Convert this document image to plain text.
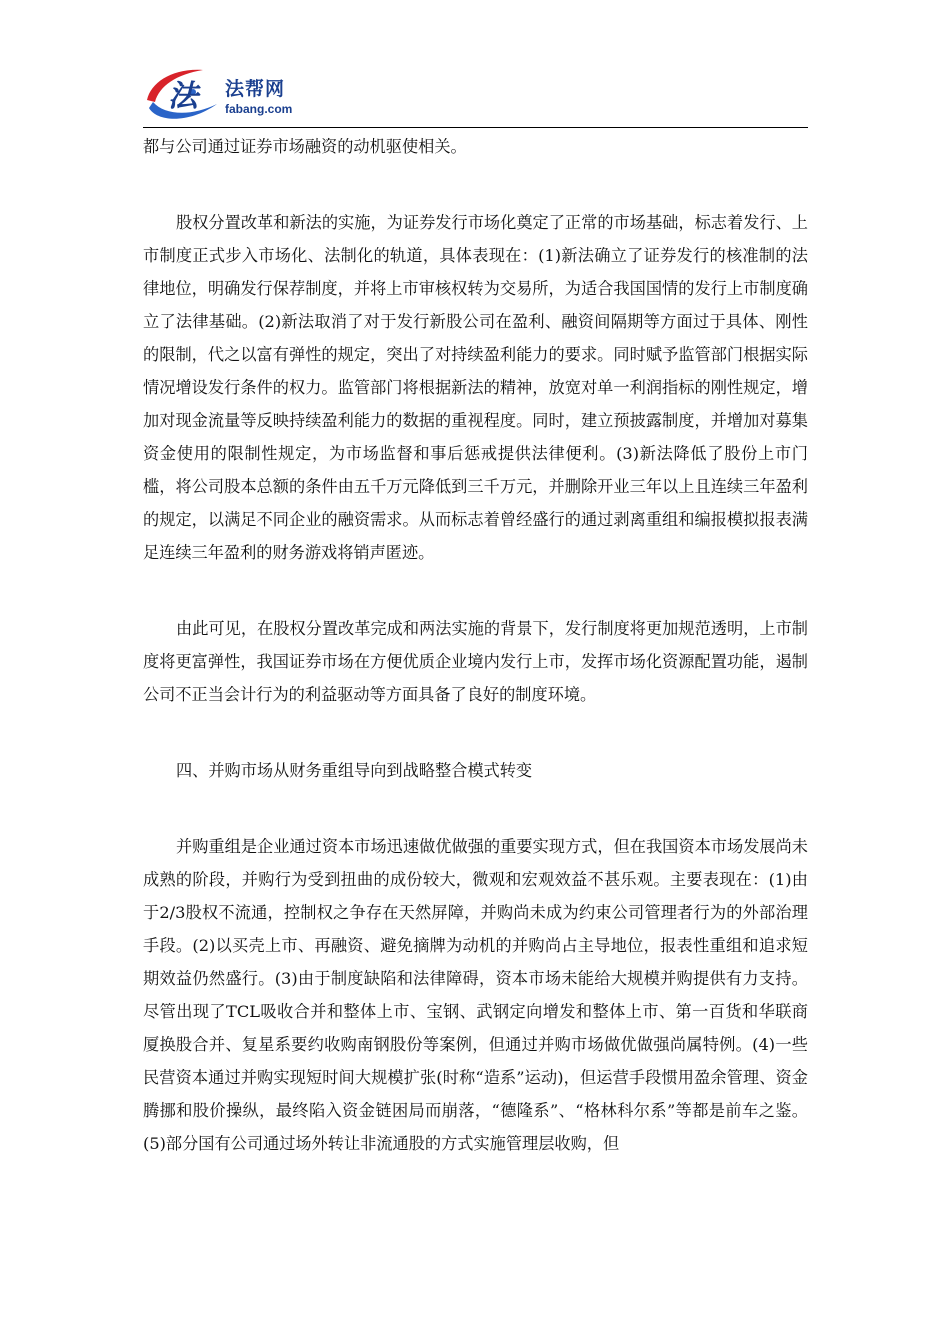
法 法帮网
fabang.com

都与公司通过证券市场融资的动机驱使相关。

股权分置改革和新法的实施，为证券发行市场化奠定了正常的市场基础，标志着发行、上市制度正式步入市场化、法制化的轨道，具体表现在：(1)新法确立了证券发行的核准制的法律地位，明确发行保荐制度，并将上市审核权转为交易所，为适合我国国情的发行上市制度确立了法律基础。(2)新法取消了对于发行新股公司在盈利、融资间隔期等方面过于具体、刚性的限制，代之以富有弹性的规定，突出了对持续盈利能力的要求。同时赋予监管部门根据实际情况增设发行条件的权力。监管部门将根据新法的精神，放宽对单一利润指标的刚性规定，增加对现金流量等反映持续盈利能力的数据的重视程度。同时，建立预披露制度，并增加对募集资金使用的限制性规定，为市场监督和事后惩戒提供法律便利。(3)新法降低了股份上市门槛，将公司股本总额的条件由五千万元降低到三千万元，并删除开业三年以上且连续三年盈利的规定，以满足不同企业的融资需求。从而标志着曾经盛行的通过剥离重组和编报模拟报表满足连续三年盈利的财务游戏将销声匿迹。

由此可见，在股权分置改革完成和两法实施的背景下，发行制度将更加规范透明，上市制度将更富弹性，我国证券市场在方便优质企业境内发行上市，发挥市场化资源配置功能，遏制公司不正当会计行为的利益驱动等方面具备了良好的制度环境。

四、并购市场从财务重组导向到战略整合模式转变

并购重组是企业通过资本市场迅速做优做强的重要实现方式，但在我国资本市场发展尚未成熟的阶段，并购行为受到扭曲的成份较大，微观和宏观效益不甚乐观。主要表现在：(1)由于2/3股权不流通，控制权之争存在天然屏障，并购尚未成为约束公司管理者行为的外部治理手段。(2)以买壳上市、再融资、避免摘牌为动机的并购尚占主导地位，报表性重组和追求短期效益仍然盛行。(3)由于制度缺陷和法律障碍，资本市场未能给大规模并购提供有力支持。尽管出现了TCL吸收合并和整体上市、宝钢、武钢定向增发和整体上市、第一百货和华联商厦换股合并、复星系要约收购南钢股份等案例，但通过并购市场做优做强尚属特例。(4)一些民营资本通过并购实现短时间大规模扩张(时称“造系”运动)，但运营手段惯用盈余管理、资金腾挪和股价操纵，最终陷入资金链困局而崩落，“德隆系”、“格林科尔系”等都是前车之鉴。(5)部分国有公司通过场外转让非流通股的方式实施管理层收购，但
